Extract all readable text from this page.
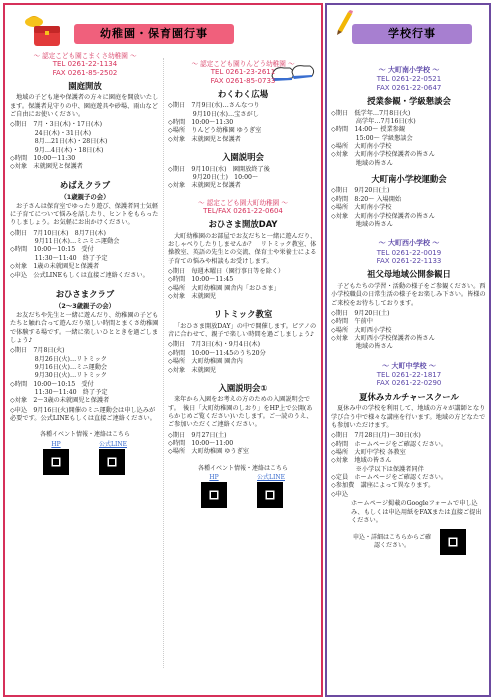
幼稚園・保育園行事	学校行事
〜 認定こども園こまくさ幼稚園 〜
TEL 0261-22-1134
FAX 0261-85-2502
園庭開放
地域の子ども達や保護者の方々に園庭を開放いたします。保護者見守りの中、園庭遊具や砂場、雨山などご自由にお使いください。
◇期日　7月・3日(木)・17日(木)
　　　　24日(木)・31日(木)
　　　　8月…21日(木)・28日(木)
　　　　9月…4日(木)・18日(木)
◇時間　10:00〜11:30
◇対象　未就園児と保護者
めばえクラブ
（1歳親子の会）
お子さんは保育室でゆったり遊び、保護者同士気軽に子育てについて悩みを話したり、ヒントをもらったりしましょう。お気軽にお出かけください。
◇期日　7月10日(木)　8月7日(木)
　　　　9月11日(木)…ミニミニ運動会
◇時間　10:00〜10:15　受付
　　　　11:30〜11:40　終了予定
◇対象　1歳の未就園児と保護者
◇申込　公式LINEもしくは直接ご連絡ください。
おひさまクラブ
（2〜3歳親子の会）
お友だちや先生と一緒に遊んだり、幼稚園の子どもたちと触れ合って遊んだり楽しい時間とまくさ幼稚園で体験する場です。一緒に楽しいひとときを過ごしましょう♪
◇期日　7月8日(火)
　　　　8月26日(火)…リトミック
　　　　9月16日(火)…ミニ運動会
　　　　9月30日(火)…リトミック
◇時間　10:00〜10:15　受付
　　　　11:30〜11:40　終了予定
◇対象　2〜3歳の未就園児と保護者
◇申込　9月16日(火)開催のミニ運動会は申し込みが必要です。公式LINEもしくは直接ご連絡ください。
各種イベント情報・連絡はこちら
HP	公式LINE
〜 認定こども園りんどう幼稚園 〜
TEL 0261-23-2611
FAX 0261-85-0733
わくわく広場
◇期日　7月9日(水)…さんなつり
　　　　9月10日(水)…宝さがし
◇時間　10:00〜11:30
◇場所　りんどう幼稚園 ゆうぎ室
◇対象　未就園児と保護者
入園説明会
◇期日　9月10日(水)　園開放終了後
　　　　9月20日(土)　10:00〜
◇対象　未就園児と保護者
〜 認定こども園大町幼稚園 〜
TEL/FAX 0261-22-0604
おひさま開放DAY
大町幼稚園のお部屋でお友だちと一緒に遊んだり、おしゃべりしたりしませんか？　リトミック教室、体操教室、英語の先生との交流、保育士や栄養士による子育ての悩みや相談もお受けします。
◇期日　毎週木曜日（園行事日等を除く）
◇時間　10:00〜11:45
◇場所　大町幼稚園 園舎内「おひさま」
◇対象　未就園児
リトミック教室
「おひさま開放DAY」の中で開催します。ピアノの音に合わせて、親子で楽しい時間を過ごしましょう♪
◇期日　7月3日(木)・9月4日(木)
◇時間　10:00〜11:45のうち20分
◇場所　大町幼稚園 園舎内
◇対象　未就園児
入園説明会①
来年から入園をお考えの方のための入園説明会です。　後日「大町幼稚園のしおり」をHP上で公開(あらかじめご覧ください)いたします。ご一読のうえ、ご参加いただくご連絡ください。
◇期日　9月27日(土)
◇時間　10:00〜11:00
◇場所　大町幼稚園 ゆうぎ室
各種イベント情報・連絡はこちら
HP	公式LINE
〜 大町南小学校 〜
TEL 0261-22-0521
FAX 0261-22-0647
授業参観・学級懇談会
◇期日　低学年…7月8日(火)
　　　　高学年…7月16日(水)
◇時間　14:00〜 授業参観
　　　　15:00〜 学級懇談会
◇場所　大町南小学校
◇対象　大町南小学校保護者の皆さん
　　　　地域の皆さん
大町南小学校運動会
◇期日　9月20日(土)
◇時間　8:20〜 入場開始
◇場所　大町南小学校
◇対象　大町南小学校保護者の皆さん
　　　　地域の皆さん
〜 大町西小学校 〜
TEL 0261-22-0019
FAX 0261-22-1133
祖父母地域公開参観日
子どもたちの学習・活動の様子をご参観ください。西小学校職員の日常生活の様子をお楽しみ下さい。皆様のご来校をお待ちしております。
◇期日　9月20日(土)
◇時間　午前中
◇場所　大町西小学校
◇対象　大町西小学校保護者の皆さん
　　　　地域の皆さん
〜 大町中学校 〜
TEL 0261-22-1817
FAX 0261-22-0290
夏休みカルチャースクール
夏休み中の学校を利用して、地域の方々が講師となり学び合う中で様々な講座を行います。地域の方どなたでも参加いただけます。
◇期日　7月28日(月)〜30日(水)
◇時間　ホームページをご確認ください。
◇場所　大町中学校 各教室
◇対象　地域の皆さん
　　　　※小学以下は保護者同伴
◇定員　ホームページをご確認ください。
◇参加費　講座によって異なります。
◇申込
ホームページ掲載のGoogleフォームで申し込み、もしくは申込用紙をFAXまたは直接ご提出ください。
申込・詳細はこちらからご確認ください。
